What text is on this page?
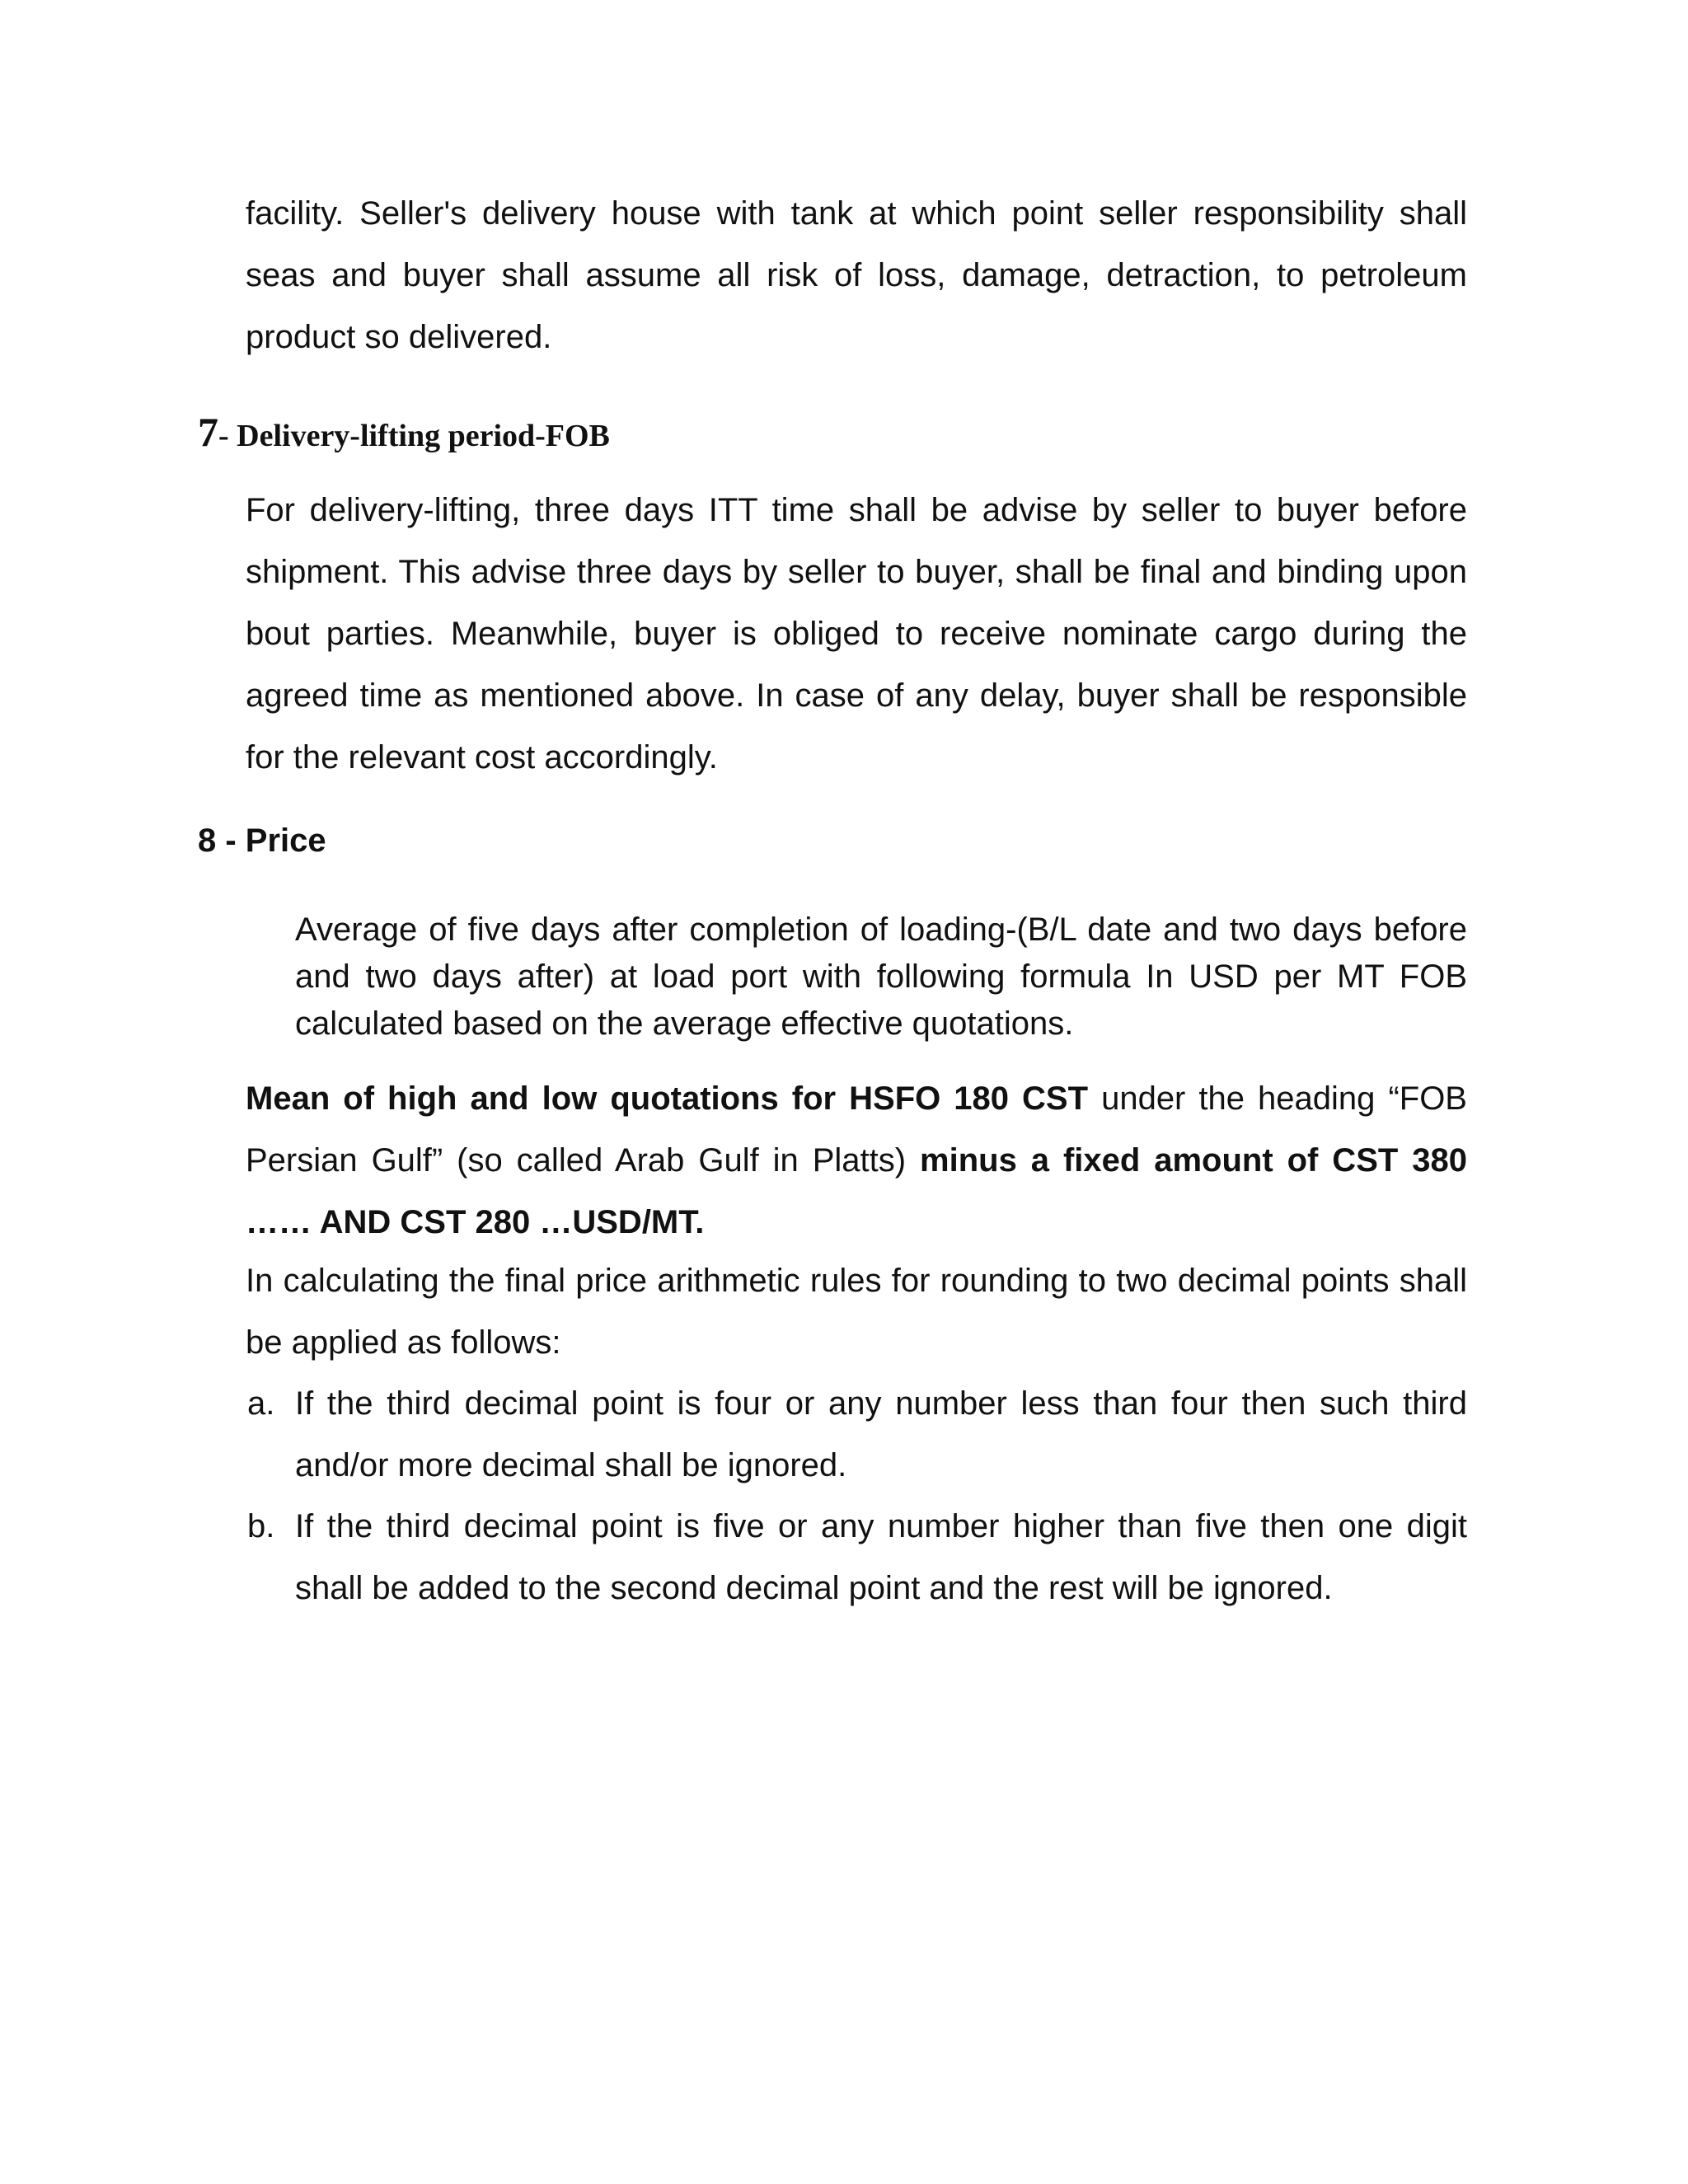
facility. Seller's delivery house with tank at which point seller responsibility shall seas and buyer shall assume all risk of loss, damage, detraction, to petroleum product so delivered.

7- Delivery-lifting period-FOB

For delivery-lifting, three days ITT time shall be advise by seller to buyer before shipment. This advise three days by seller to buyer, shall be final and binding upon bout parties. Meanwhile, buyer is obliged to receive nominate cargo during the agreed time as mentioned above. In case of any delay, buyer shall be responsible for the relevant cost accordingly.

8 - Price

Average of five days after completion of loading-(B/L date and two days before and two days after) at load port with following formula In USD per MT FOB calculated based on the average effective quotations.

Mean of high and low quotations for HSFO 180 CST under the heading “FOB Persian Gulf” (so called Arab Gulf in Platts) minus a fixed amount of CST 380 …… AND CST 280 …USD/MT.

In calculating the final price arithmetic rules for rounding to two decimal points shall be applied as follows:

a. If the third decimal point is four or any number less than four then such third and/or more decimal shall be ignored.
b. If the third decimal point is five or any number higher than five then one digit shall be added to the second decimal point and the rest will be ignored.
